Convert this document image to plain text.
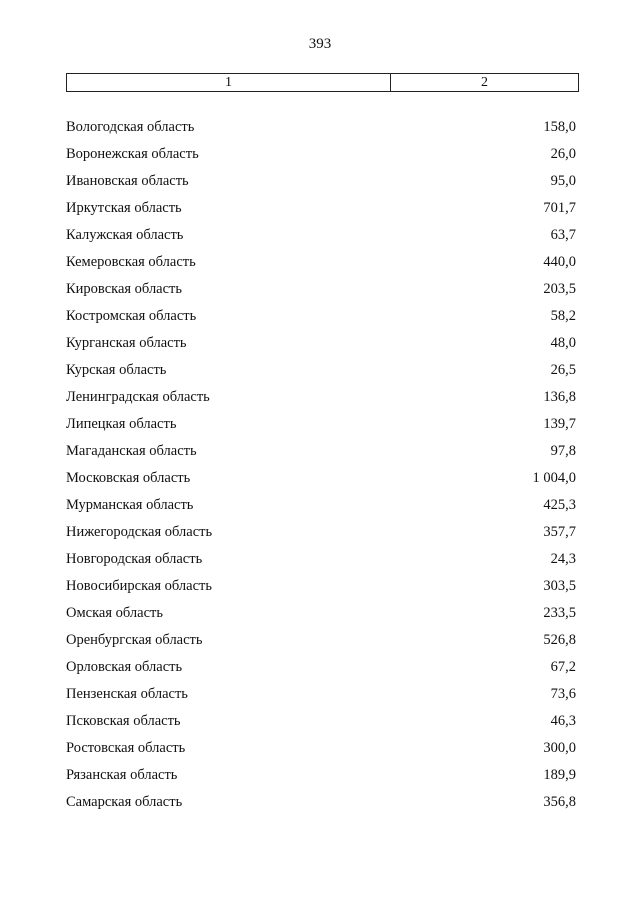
393
1	2
Вологодская область	158,0
Воронежская область	26,0
Ивановская область	95,0
Иркутская область	701,7
Калужская область	63,7
Кемеровская область	440,0
Кировская область	203,5
Костромская область	58,2
Курганская область	48,0
Курская область	26,5
Ленинградская область	136,8
Липецкая область	139,7
Магаданская область	97,8
Московская область	1 004,0
Мурманская область	425,3
Нижегородская область	357,7
Новгородская область	24,3
Новосибирская область	303,5
Омская область	233,5
Оренбургская область	526,8
Орловская область	67,2
Пензенская область	73,6
Псковская область	46,3
Ростовская область	300,0
Рязанская область	189,9
Самарская область	356,8
